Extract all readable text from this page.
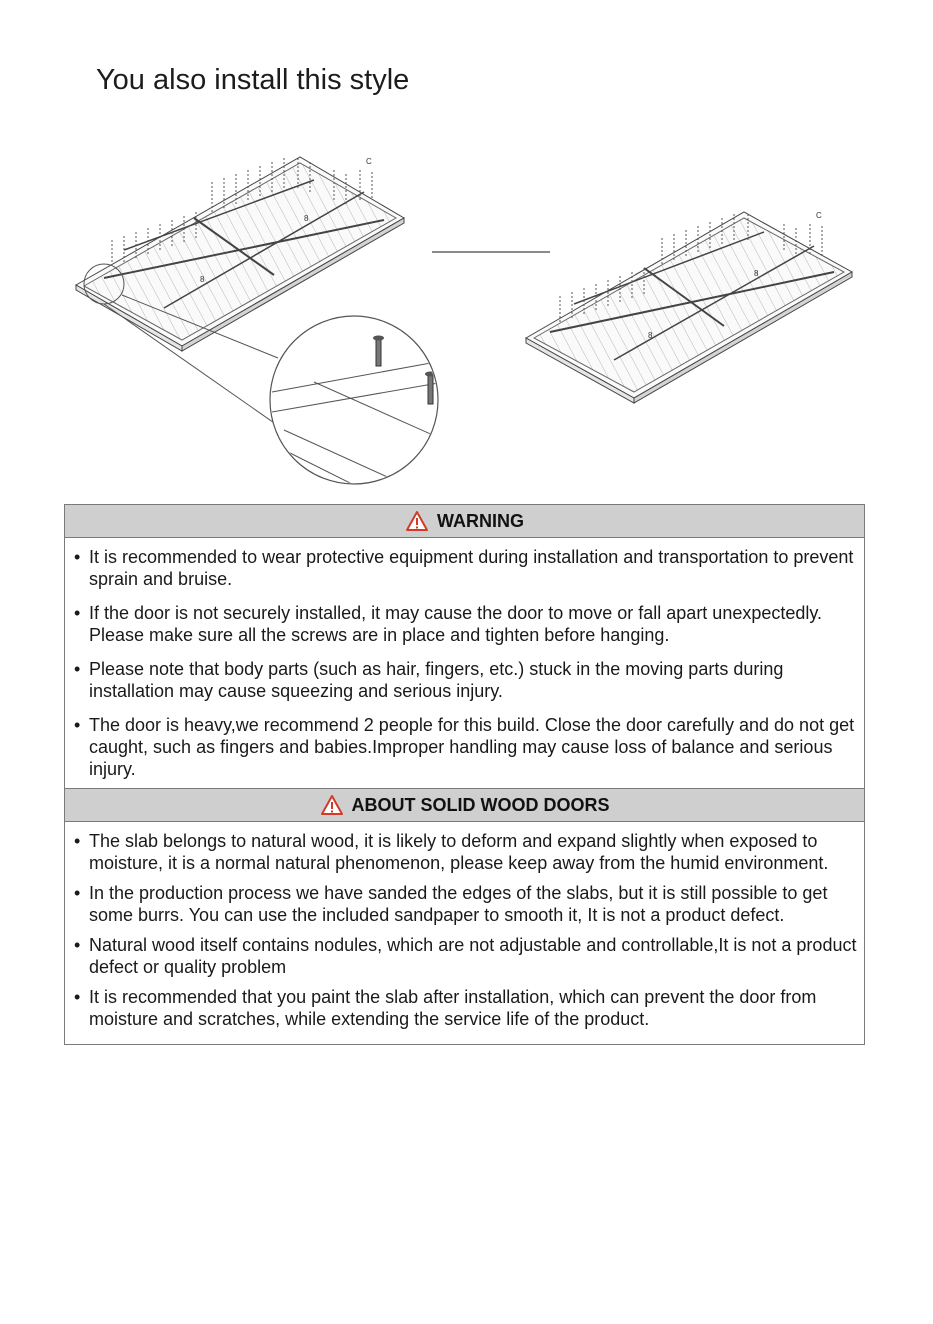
You also install this style
C
C
8
8
8
8
WARNING
• It is recommended to wear protective equipment during installation and transportation to prevent sprain and bruise.
• If the door is not securely installed, it may cause the door to move or fall apart unexpectedly. Please make sure all the screws are in place and tighten before hanging.
• Please note that body parts (such as hair, fingers, etc.) stuck in the moving parts during installation may cause squeezing and serious injury.
• The door is heavy,we recommend 2 people for this build. Close the door carefully and do not get caught, such as fingers and babies.Improper handling may cause loss of balance and serious injury.
ABOUT SOLID WOOD DOORS
• The slab belongs to natural wood, it is likely to deform and expand slightly when exposed to moisture, it is a normal natural phenomenon, please keep away from the humid environment.
• In the production process we have sanded the edges of the slabs, but it is still possible to get some burrs. You can use the included sandpaper to smooth it, It is not a product defect.
• Natural wood itself contains nodules, which are not adjustable and controllable,It is not a product defect or quality problem
• It is recommended that you paint the slab after installation, which can prevent the door from moisture and scratches, while extending the service life of the product.
